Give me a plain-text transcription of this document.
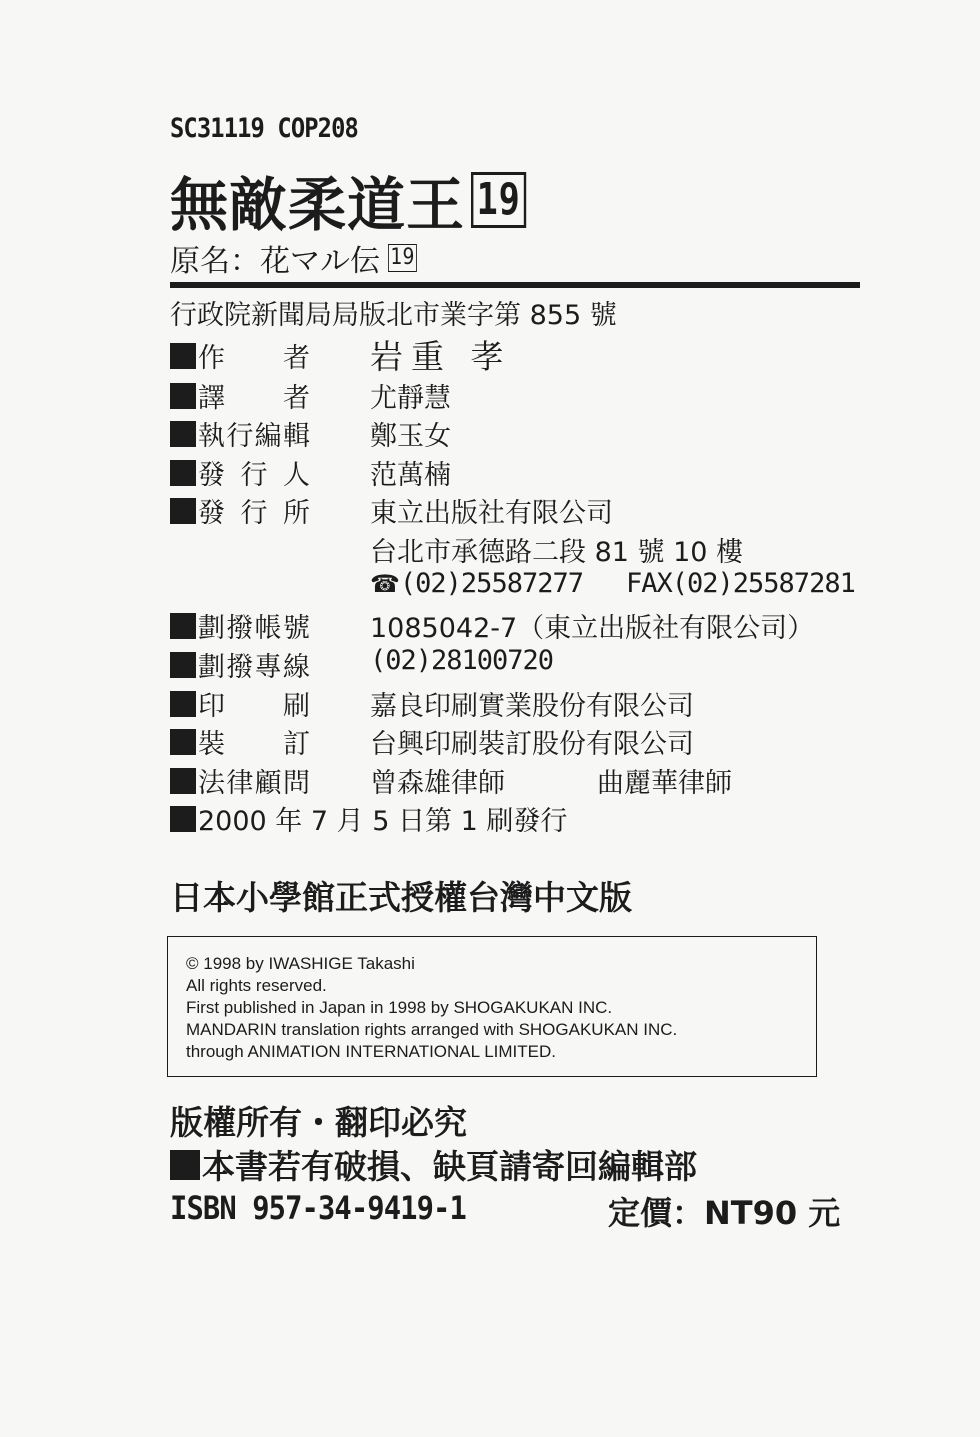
SC31119 COP208
無敵柔道王 19
原名：花マル伝 19
行政院新聞局局版北市業字第 855 號
作者 岩重 孝
譯者 尤靜慧
執行編輯 鄭玉女
發行人 范萬楠
發行所 東立出版社有限公司
台北市承德路二段 81 號 10 樓
☎ (02)25587277 FAX(02)25587281
劃撥帳號 1085042-7（東立出版社有限公司）
劃撥專線 (02)28100720
印刷 嘉良印刷實業股份有限公司
裝訂 台興印刷裝訂股份有限公司
法律顧問 曾森雄律師	曲麗華律師
2000 年 7 月 5 日第 1 刷發行
日本小學館正式授權台灣中文版
© 1998 by IWASHIGE Takashi
All rights reserved.
First published in Japan in 1998 by SHOGAKUKAN INC.
MANDARIN translation rights arranged with SHOGAKUKAN INC.
through ANIMATION INTERNATIONAL LIMITED.
版權所有・翻印必究
本書若有破損、缺頁請寄回編輯部
ISBN 957-34-9419-1	定價：NT90 元
